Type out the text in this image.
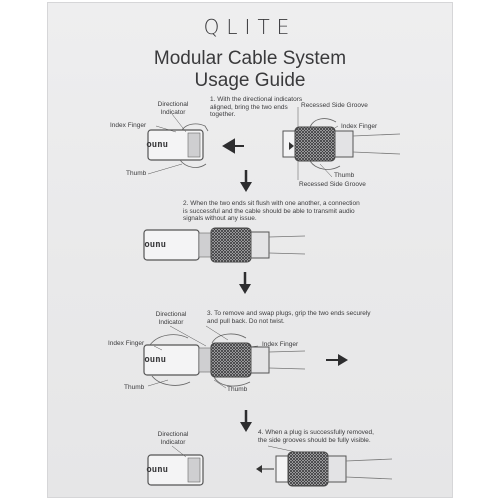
QLITE
Modular Cable System
Usage Guide
nuno
nuno
nuno
nuno
1. With the directional indicators
aligned, bring the two ends
together.
Directional
Indicator
Index Finger
Thumb
Recessed Side Groove
Index Finger
Thumb
Recessed Side Groove
2. When the two ends sit flush with one another, a connection
is successful and the cable should be able to transmit audio
signals without any issue.
3. To remove and swap plugs, grip the two ends securely
and pull back. Do not twist.
Directional
Indicator
Index Finger	Index Finger
Thumb	Thumb
4. When a plug is successfully removed,
the side grooves should be fully visible.
Directional
Indicator
